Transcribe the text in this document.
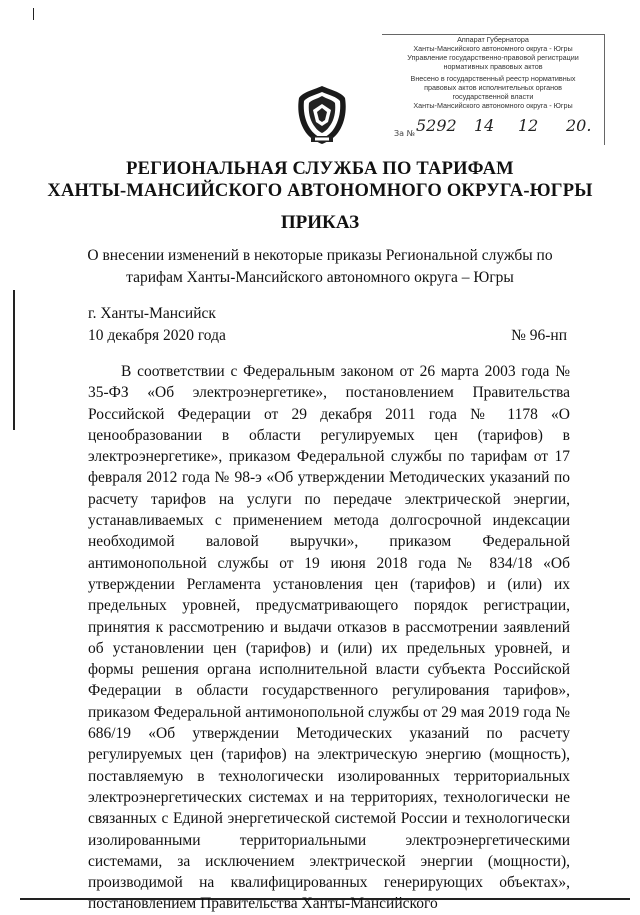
Аппарат Губернатора
Ханты-Мансийского автономного округа - Югры
Управление государственно-правовой регистрации
нормативных правовых актов
Внесено в государственный реестр нормативных
правовых актов исполнительных органов
государственной власти
Ханты-Мансийского автономного округа - Югры
За № 5292 14 12 20.
РЕГИОНАЛЬНАЯ СЛУЖБА ПО ТАРИФАМ
ХАНТЫ-МАНСИЙСКОГО АВТОНОМНОГО ОКРУГА-ЮГРЫ
ПРИКАЗ
О внесении изменений в некоторые приказы Региональной службы по
тарифам Ханты-Мансийского автономного округа – Югры
г. Ханты-Мансийск
10 декабря 2020 года	№ 96-нп
В соответствии с Федеральным законом от 26 марта 2003 года № 35-ФЗ «Об электроэнергетике», постановлением Правительства Российской Федерации от 29 декабря 2011 года № 1178 «О ценообразовании в области регулируемых цен (тарифов) в электроэнергетике», приказом Федеральной службы по тарифам от 17 февраля 2012 года № 98-э «Об утверждении Методических указаний по расчету тарифов на услуги по передаче электрической энергии, устанавливаемых с применением метода долгосрочной индексации необходимой валовой выручки», приказом Федеральной антимонопольной службы от 19 июня 2018 года № 834/18 «Об утверждении Регламента установления цен (тарифов) и (или) их предельных уровней, предусматривающего порядок регистрации, принятия к рассмотрению и выдачи отказов в рассмотрении заявлений об установлении цен (тарифов) и (или) их предельных уровней, и формы решения органа исполнительной власти субъекта Российской Федерации в области государственного регулирования тарифов», приказом Федеральной антимонопольной службы от 29 мая 2019 года № 686/19 «Об утверждении Методических указаний по расчету регулируемых цен (тарифов) на электрическую энергию (мощность), поставляемую в технологически изолированных территориальных электроэнергетических системах и на территориях, технологически не связанных с Единой энергетической системой России и технологически изолированными территориальными электроэнергетическими системами, за исключением электрической энергии (мощности), производимой на квалифицированных генерирующих объектах», постановлением Правительства Ханты-Мансийского
